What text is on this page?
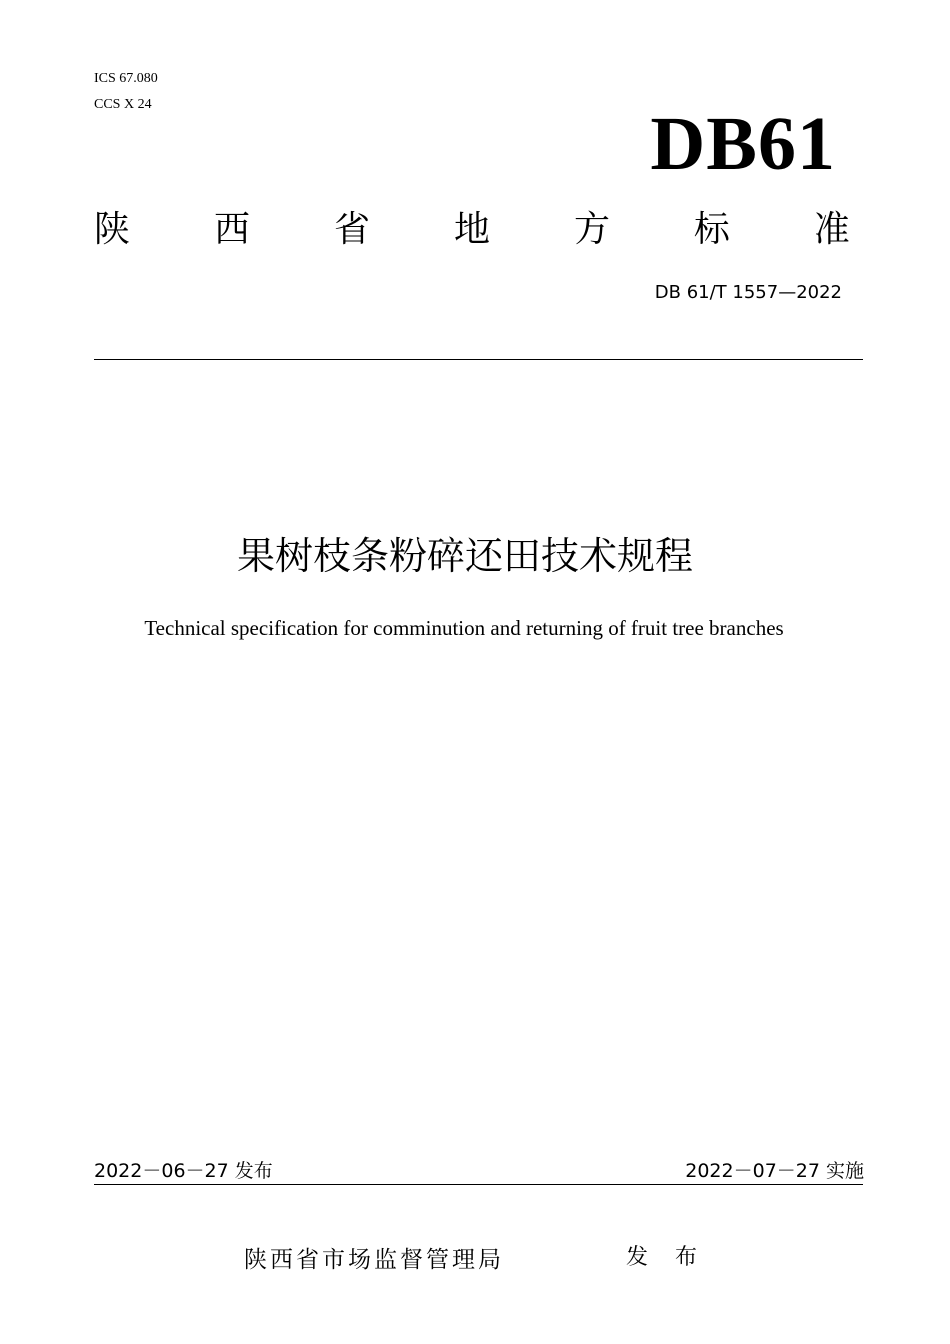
ICS 67.080
CCS X 24	DB61
陕 西 省 地 方 标 准
DB 61/T 1557—2022
果树枝条粉碎还田技术规程
Technical specification for comminution and returning of fruit tree branches
2022－06－27 发布	2022－07－27 实施
陕西省市场监督管理局	发 布
